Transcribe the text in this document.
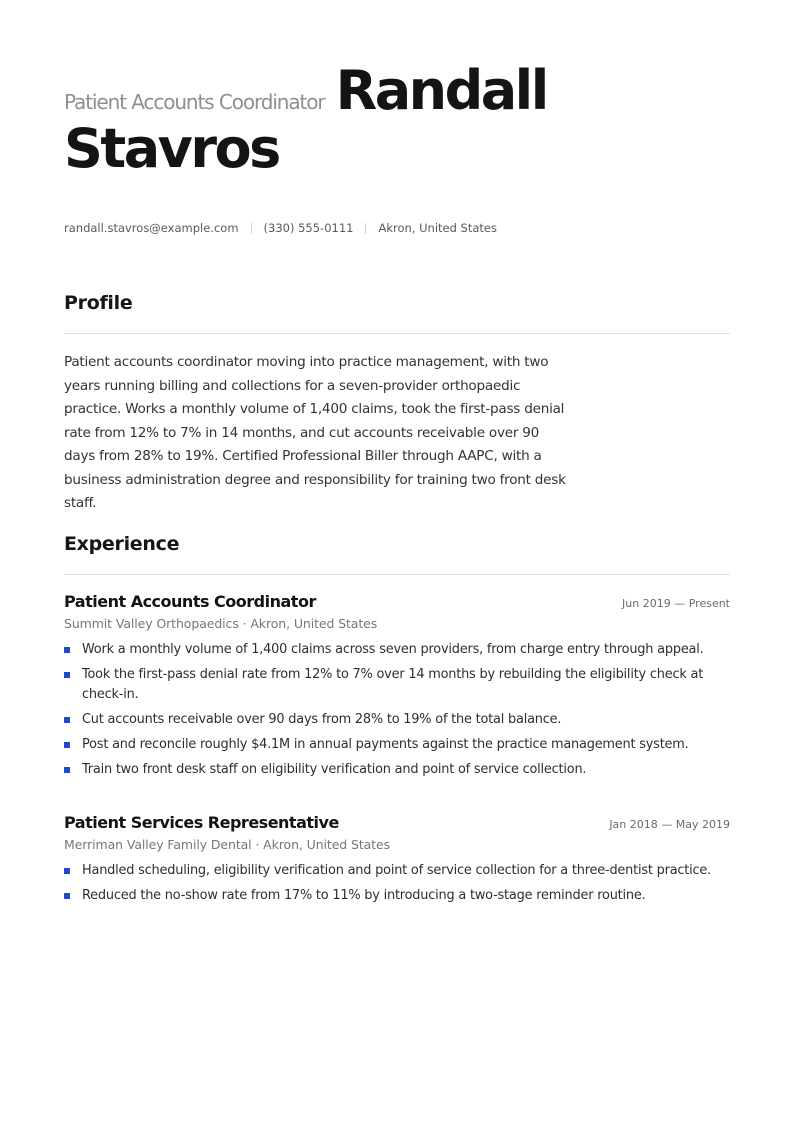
Patient Accounts Coordinator Randall
Stavros
randall.stavros@example.com (330) 555-0111 Akron, United States
Profile
Patient accounts coordinator moving into practice management, with two years running billing and collections for a seven-provider orthopaedic practice. Works a monthly volume of 1,400 claims, took the first-pass denial rate from 12% to 7% in 14 months, and cut accounts receivable over 90 days from 28% to 19%. Certified Professional Biller through AAPC, with a business administration degree and responsibility for training two front desk staff.
Experience
Patient Accounts Coordinator	Jun 2019 — Present
Summit Valley Orthopaedics · Akron, United States
Work a monthly volume of 1,400 claims across seven providers, from charge entry through appeal.
Took the first-pass denial rate from 12% to 7% over 14 months by rebuilding the eligibility check at check-in.
Cut accounts receivable over 90 days from 28% to 19% of the total balance.
Post and reconcile roughly $4.1M in annual payments against the practice management system.
Train two front desk staff on eligibility verification and point of service collection.
Patient Services Representative	Jan 2018 — May 2019
Merriman Valley Family Dental · Akron, United States
Handled scheduling, eligibility verification and point of service collection for a three-dentist practice.
Reduced the no-show rate from 17% to 11% by introducing a two-stage reminder routine.
